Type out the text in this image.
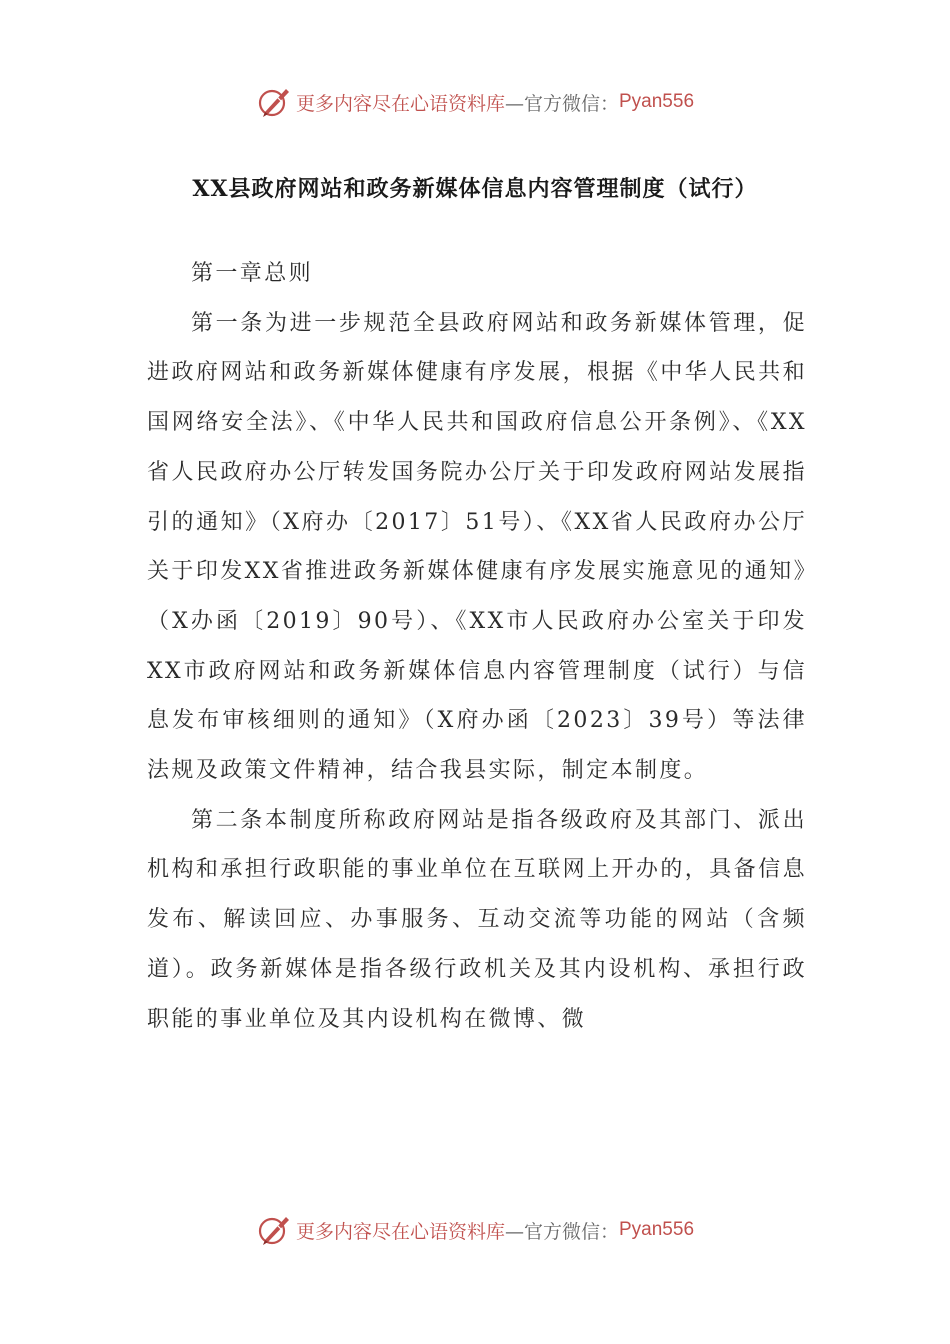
更多内容尽在心语资料库 —官方微信： Pyan556
XX县政府网站和政务新媒体信息内容管理制度（试行）

第一章总则

第一条为进一步规范全县政府网站和政务新媒体管理，促进政府网站和政务新媒体健康有序发展，根据《中华人民共和国网络安全法》、《中华人民共和国政府信息公开条例》、《XX省人民政府办公厅转发国务院办公厅关于印发政府网站发展指引的通知》（X府办〔2017〕51号）、《XX省人民政府办公厅关于印发XX省推进政务新媒体健康有序发展实施意见的通知》（X办函〔2019〕90号）、《XX市人民政府办公室关于印发XX市政府网站和政务新媒体信息内容管理制度（试行）与信息发布审核细则的通知》（X府办函〔2023〕39号）等法律法规及政策文件精神，结合我县实际，制定本制度。

第二条本制度所称政府网站是指各级政府及其部门、派出机构和承担行政职能的事业单位在互联网上开办的，具备信息发布、解读回应、办事服务、互动交流等功能的网站（含频道）。政务新媒体是指各级行政机关及其内设机构、承担行政职能的事业单位及其内设机构在微博、微

更多内容尽在心语资料库 —官方微信： Pyan556
